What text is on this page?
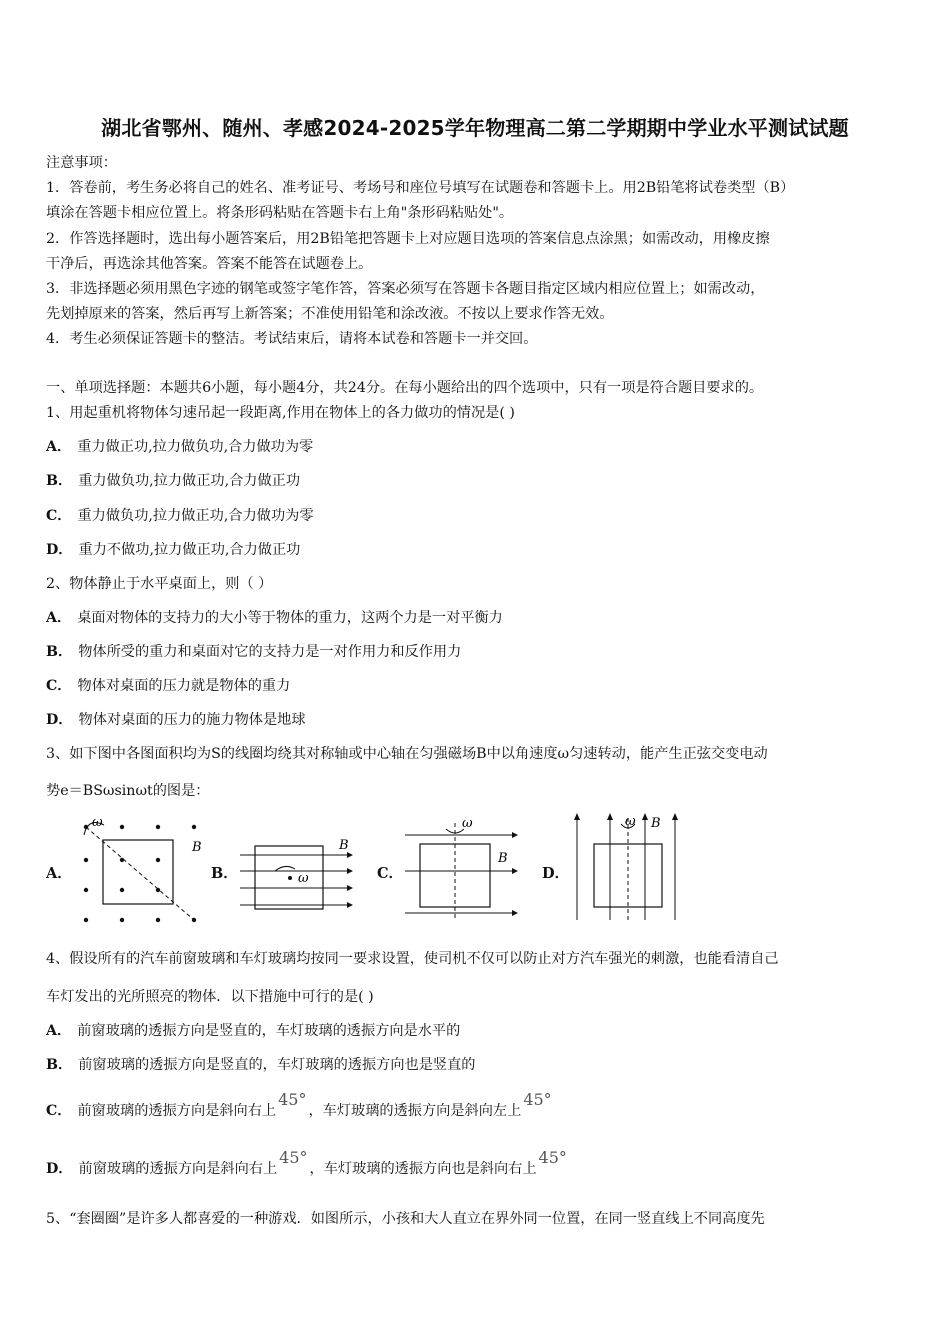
湖北省鄂州、随州、孝感2024-2025学年物理高二第二学期期中学业水平测试试题
注意事项：
1．答卷前，考生务必将自己的姓名、准考证号、考场号和座位号填写在试题卷和答题卡上。用2B铅笔将试卷类型（B）
填涂在答题卡相应位置上。将条形码粘贴在答题卡右上角"条形码粘贴处"。
2．作答选择题时，选出每小题答案后，用2B铅笔把答题卡上对应题目选项的答案信息点涂黑；如需改动，用橡皮擦
干净后，再选涂其他答案。答案不能答在试题卷上。
3．非选择题必须用黑色字迹的钢笔或签字笔作答，答案必须写在答题卡各题目指定区域内相应位置上；如需改动，
先划掉原来的答案，然后再写上新答案；不准使用铅笔和涂改液。不按以上要求作答无效。
4．考生必须保证答题卡的整洁。考试结束后，请将本试卷和答题卡一并交回。
一、单项选择题：本题共6小题，每小题4分，共24分。在每小题给出的四个选项中，只有一项是符合题目要求的。
1、用起重机将物体匀速吊起一段距离,作用在物体上的各力做功的情况是( )
A． 重力做正功,拉力做负功,合力做功为零
B． 重力做负功,拉力做正功,合力做正功
C． 重力做负功,拉力做正功,合力做功为零
D． 重力不做功,拉力做正功,合力做正功
2、物体静止于水平桌面上，则（ ）
A． 桌面对物体的支持力的大小等于物体的重力，这两个力是一对平衡力
B． 物体所受的重力和桌面对它的支持力是一对作用力和反作用力
C． 物体对桌面的压力就是物体的重力
D． 物体对桌面的压力的施力物体是地球
3、如下图中各图面积均为S的线圈均绕其对称轴或中心轴在匀强磁场B中以角速度ω匀速转动，能产生正弦交变电动
势e＝BSωsinωt的图是：
A．
ω
B
B．	ω
B
C．
ω
B
D．
ω B
4、假设所有的汽车前窗玻璃和车灯玻璃均按同一要求设置，使司机不仅可以防止对方汽车强光的刺激，也能看清自己
车灯发出的光所照亮的物体．以下措施中可行的是( )
A． 前窗玻璃的透振方向是竖直的，车灯玻璃的透振方向是水平的
B． 前窗玻璃的透振方向是竖直的，车灯玻璃的透振方向也是竖直的
C． 前窗玻璃的透振方向是斜向右上45°，车灯玻璃的透振方向是斜向左上45°
D． 前窗玻璃的透振方向是斜向右上45°，车灯玻璃的透振方向也是斜向右上45°
5、“套圈圈”是许多人都喜爱的一种游戏．如图所示，小孩和大人直立在界外同一位置，在同一竖直线上不同高度先
